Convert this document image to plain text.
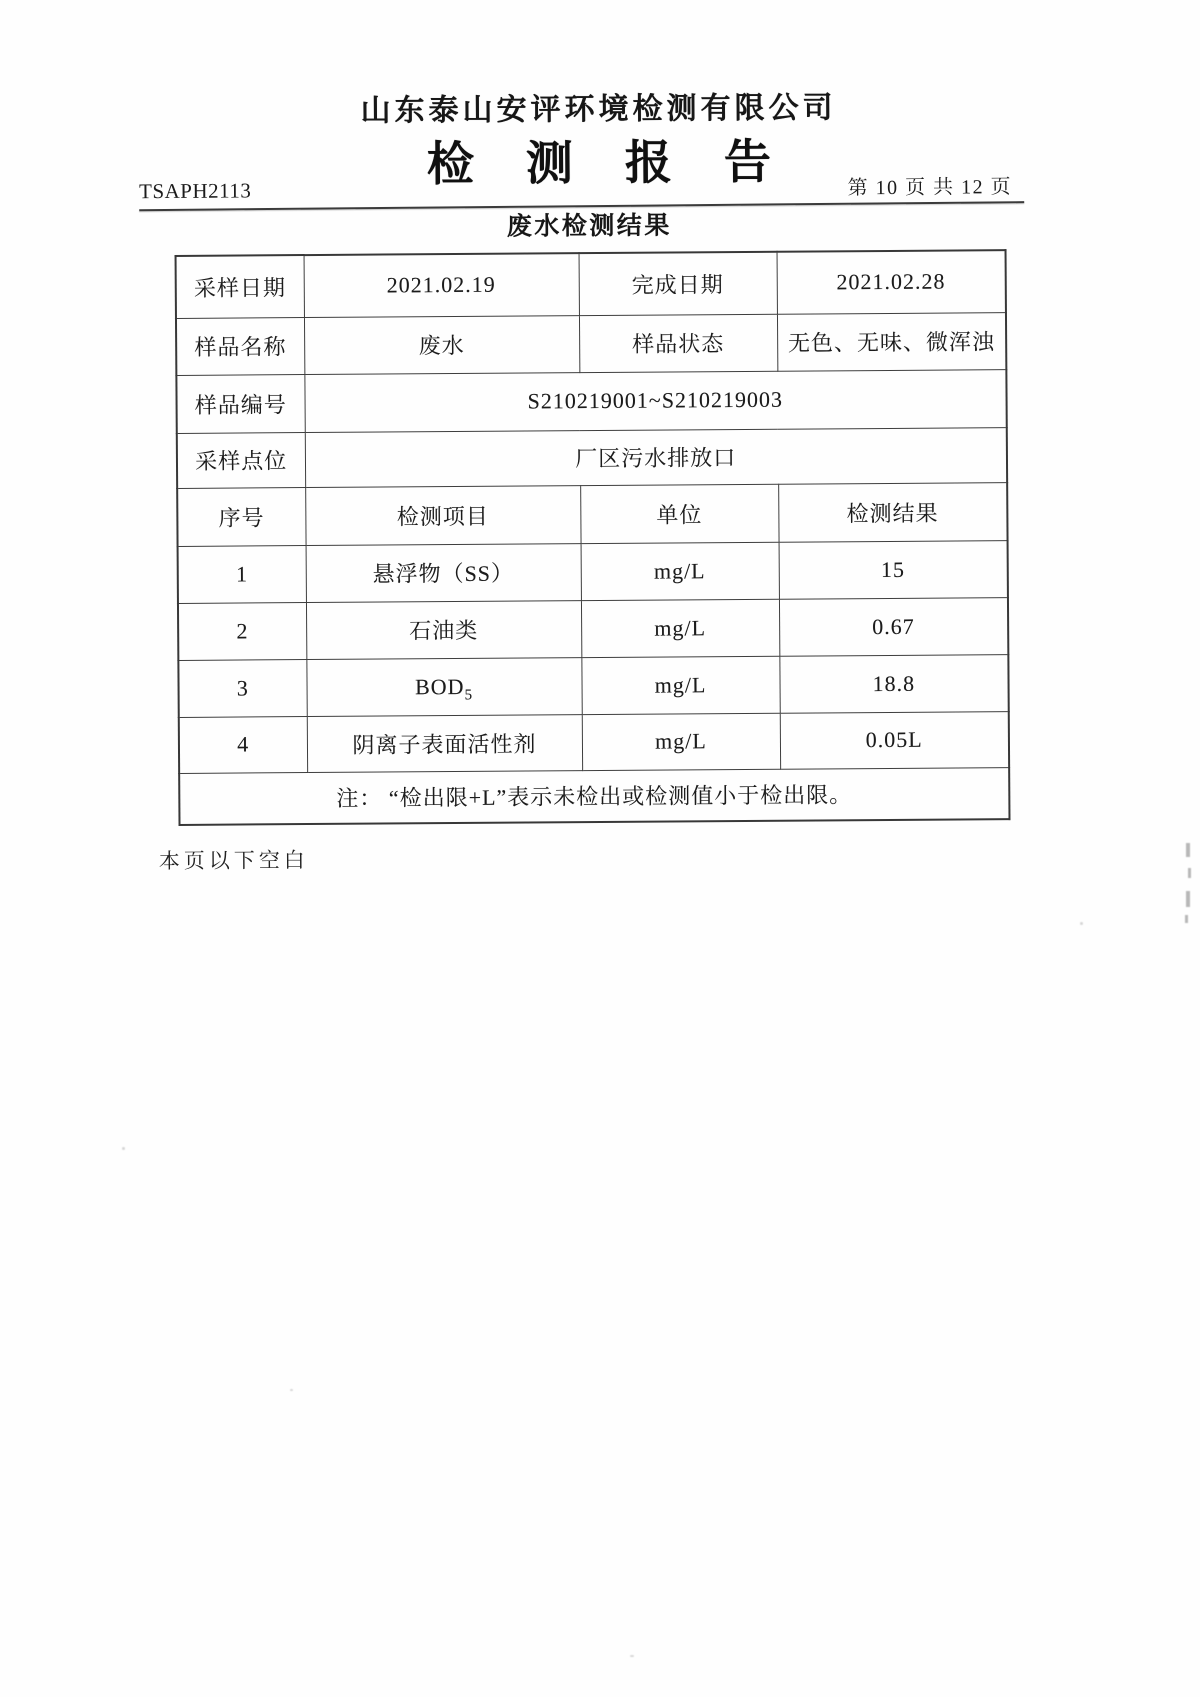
山东泰山安评环境检测有限公司
检测报告
TSAPH2113	第 10 页 共 12 页
废水检测结果
采样日期	2021.02.19	完成日期	2021.02.28
样品名称	废水	样品状态	无色、无味、微浑浊
样品编号	S210219001~S210219003		
采样点位	厂区污水排放口		
序号	检测项目	单位	检测结果
1	悬浮物（SS）	mg/L	15
2	石油类	mg/L	0.67
3	$BOD_5$	mg/L	18.8
4	阴离子表面活性剂	mg/L	0.05L
注： “检出限+L”表示未检出或检测值小于检出限。			
本页以下空白
